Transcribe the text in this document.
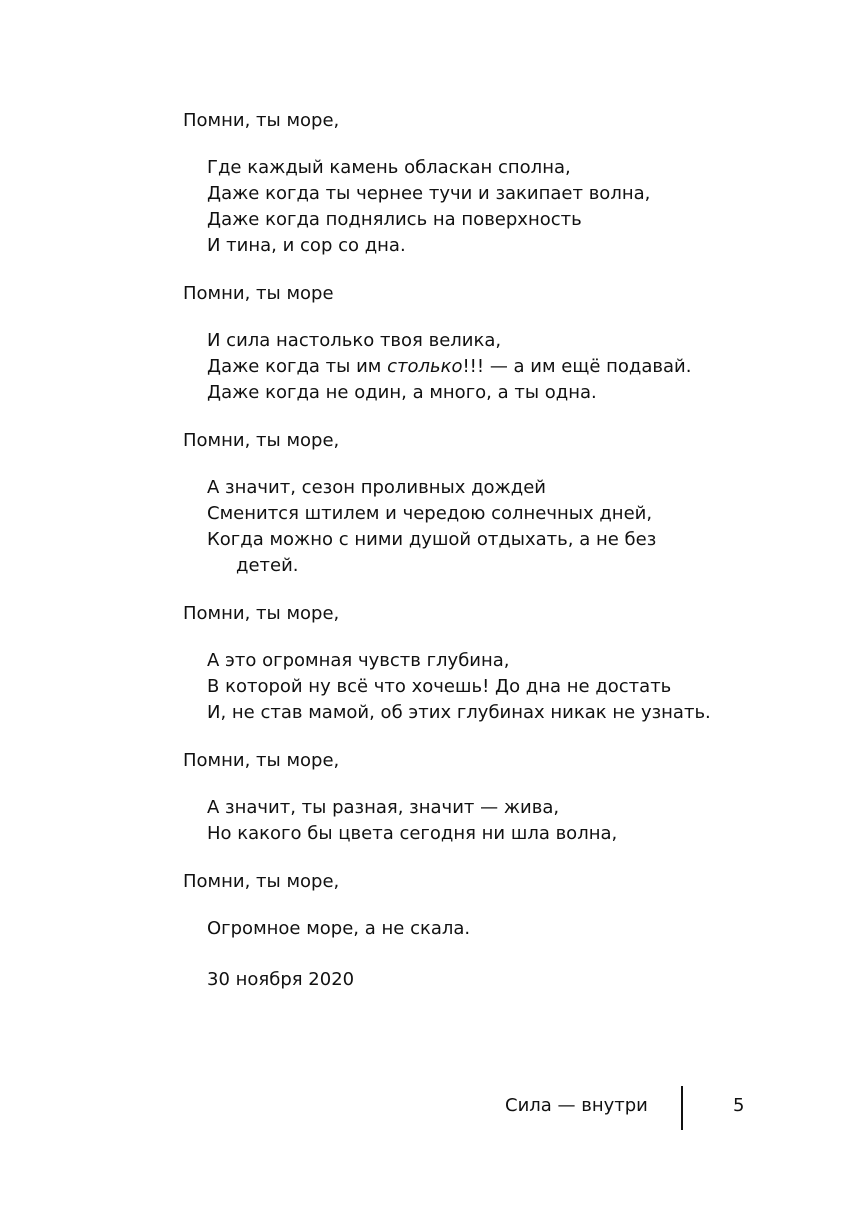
Помни, ты море,
Где каждый камень обласкан сполна,
Даже когда ты чернее тучи и закипает волна,
Даже когда поднялись на поверхность
И тина, и сор со дна.
Помни, ты море
И сила настолько твоя велика,
Даже когда ты им столько!!! — а им ещё подавай.
Даже когда не один, а много, а ты одна.
Помни, ты море,
А значит, сезон проливных дождей
Сменится штилем и чередою солнечных дней,
Когда можно с ними душой отдыхать, а не без
детей.
Помни, ты море,
А это огромная чувств глубина,
В которой ну всё что хочешь! До дна не достать
И, не став мамой, об этих глубинах никак не узнать.
Помни, ты море,
А значит, ты разная, значит — жива,
Но какого бы цвета сегодня ни шла волна,
Помни, ты море,
Огромное море, а не скала.
30 ноября 2020
Сила — внутри	5
